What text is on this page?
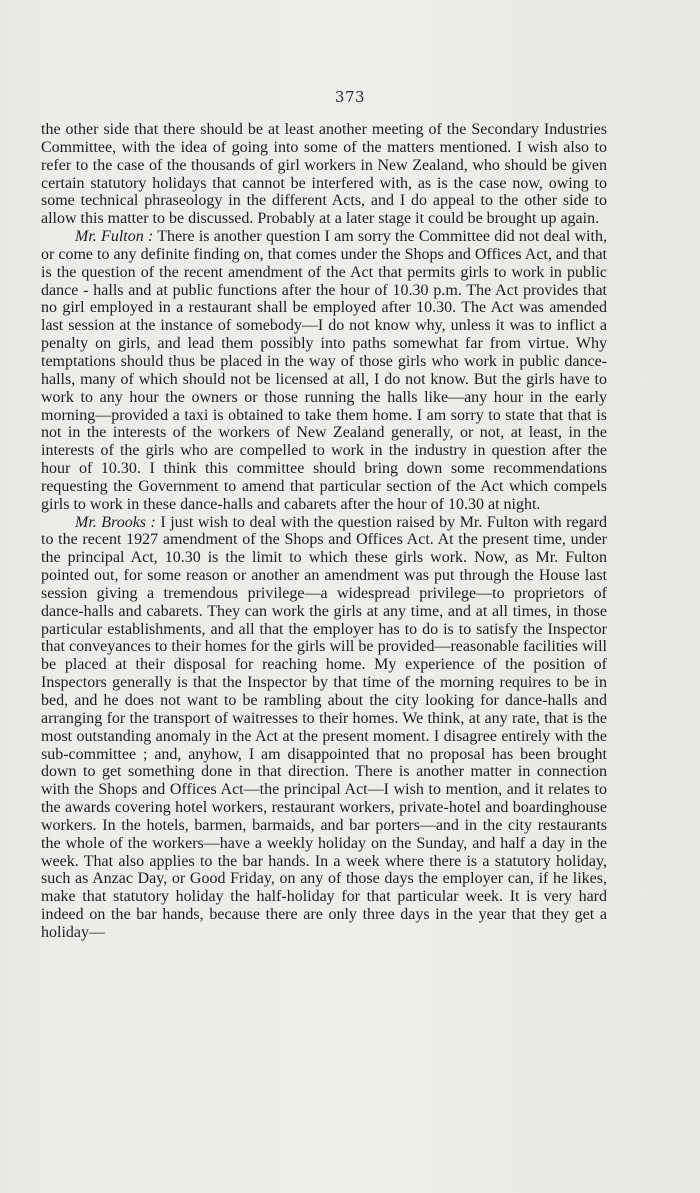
373

the other side that there should be at least another meeting of the Secondary Industries Committee, with the idea of going into some of the matters mentioned. I wish also to refer to the case of the thousands of girl workers in New Zealand, who should be given certain statutory holidays that cannot be interfered with, as is the case now, owing to some technical phraseology in the different Acts, and I do appeal to the other side to allow this matter to be discussed. Probably at a later stage it could be brought up again.

Mr. Fulton : There is another question I am sorry the Committee did not deal with, or come to any definite finding on, that comes under the Shops and Offices Act, and that is the question of the recent amendment of the Act that permits girls to work in public dance - halls and at public functions after the hour of 10.30 p.m. The Act provides that no girl employed in a restaurant shall be employed after 10.30. The Act was amended last session at the instance of somebody—I do not know why, unless it was to inflict a penalty on girls, and lead them possibly into paths somewhat far from virtue. Why temptations should thus be placed in the way of those girls who work in public dance-halls, many of which should not be licensed at all, I do not know. But the girls have to work to any hour the owners or those running the halls like—any hour in the early morning—provided a taxi is obtained to take them home. I am sorry to state that that is not in the interests of the workers of New Zealand generally, or not, at least, in the interests of the girls who are compelled to work in the industry in question after the hour of 10.30. I think this committee should bring down some recommendations requesting the Government to amend that particular section of the Act which compels girls to work in these dance-halls and cabarets after the hour of 10.30 at night.

Mr. Brooks : I just wish to deal with the question raised by Mr. Fulton with regard to the recent 1927 amendment of the Shops and Offices Act. At the present time, under the principal Act, 10.30 is the limit to which these girls work. Now, as Mr. Fulton pointed out, for some reason or another an amendment was put through the House last session giving a tremendous privilege—a widespread privilege—to proprietors of dance-halls and cabarets. They can work the girls at any time, and at all times, in those particular establishments, and all that the employer has to do is to satisfy the Inspector that conveyances to their homes for the girls will be provided—reasonable facilities will be placed at their disposal for reaching home. My experience of the position of Inspectors generally is that the Inspector by that time of the morning requires to be in bed, and he does not want to be rambling about the city looking for dance-halls and arranging for the transport of waitresses to their homes. We think, at any rate, that is the most outstanding anomaly in the Act at the present moment. I disagree entirely with the sub-committee ; and, anyhow, I am disappointed that no proposal has been brought down to get something done in that direction. There is another matter in connection with the Shops and Offices Act—the principal Act—I wish to mention, and it relates to the awards covering hotel workers, restaurant workers, private-hotel and boardinghouse workers. In the hotels, barmen, barmaids, and bar porters—and in the city restaurants the whole of the workers—have a weekly holiday on the Sunday, and half a day in the week. That also applies to the bar hands. In a week where there is a statutory holiday, such as Anzac Day, or Good Friday, on any of those days the employer can, if he likes, make that statutory holiday the half-holiday for that particular week. It is very hard indeed on the bar hands, because there are only three days in the year that they get a holiday—
